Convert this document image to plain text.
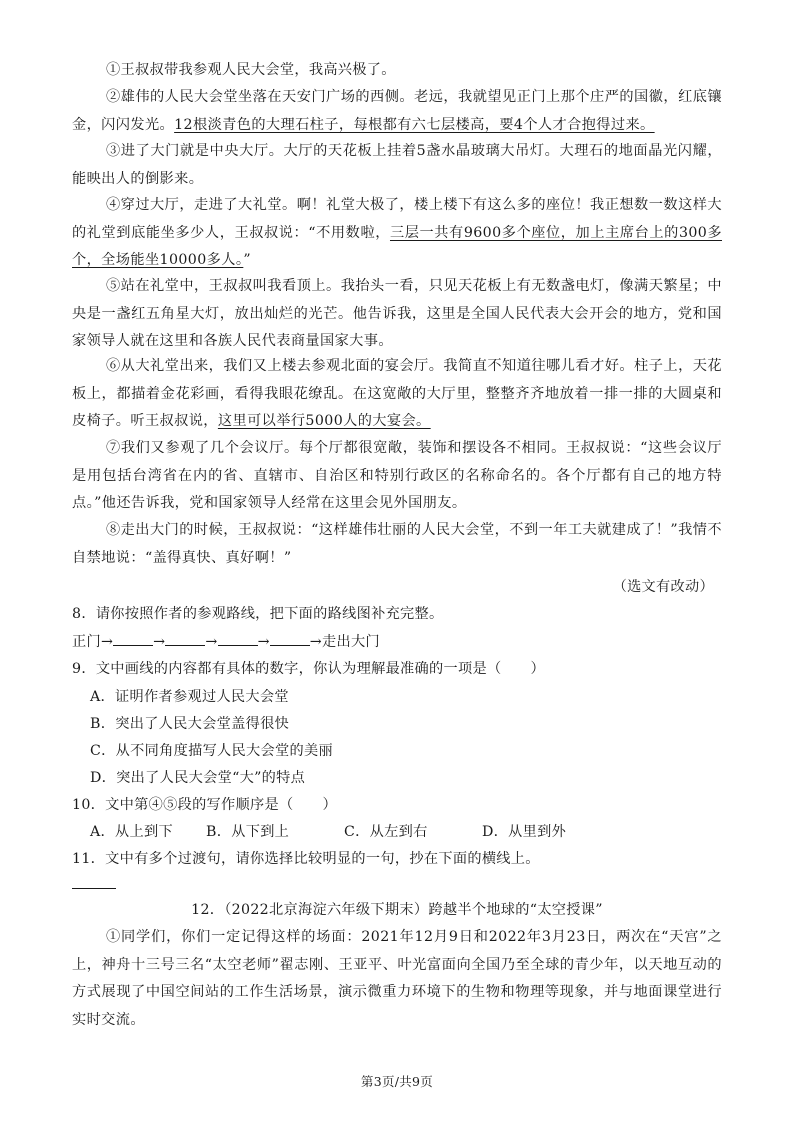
①王叔叔带我参观人民大会堂，我高兴极了。

②雄伟的人民大会堂坐落在天安门广场的西侧。老远，我就望见正门上那个庄严的国徽，红底镶金，闪闪发光。12根淡青色的大理石柱子，每根都有六七层楼高，要4个人才合抱得过来。

③进了大门就是中央大厅。大厅的天花板上挂着5盏水晶玻璃大吊灯。大理石的地面晶光闪耀，能映出人的倒影来。

④穿过大厅，走进了大礼堂。啊！礼堂大极了，楼上楼下有这么多的座位！我正想数一数这样大的礼堂到底能坐多少人，王叔叔说：“不用数啦，三层一共有9600多个座位，加上主席台上的300多个，全场能坐10000多人。”

⑤站在礼堂中，王叔叔叫我看顶上。我抬头一看，只见天花板上有无数盏电灯，像满天繁星；中央是一盏红五角星大灯，放出灿烂的光芒。他告诉我，这里是全国人民代表大会开会的地方，党和国家领导人就在这里和各族人民代表商量国家大事。

⑥从大礼堂出来，我们又上楼去参观北面的宴会厅。我简直不知道往哪儿看才好。柱子上，天花板上，都描着金花彩画，看得我眼花缭乱。在这宽敞的大厅里，整整齐齐地放着一排一排的大圆桌和皮椅子。听王叔叔说，这里可以举行5000人的大宴会。

⑦我们又参观了几个会议厅。每个厅都很宽敞，装饰和摆设各不相同。王叔叔说：“这些会议厅是用包括台湾省在内的省、直辖市、自治区和特别行政区的名称命名的。各个厅都有自己的地方特点。”他还告诉我，党和国家领导人经常在这里会见外国朋友。

⑧走出大门的时候，王叔叔说：“这样雄伟壮丽的人民大会堂，不到一年工夫就建成了！”我情不自禁地说：“盖得真快、真好啊！”

（选文有改动）

8．请你按照作者的参观路线，把下面的路线图补充完整。

正门→	→	→	→	→走出大门

9．文中画线的内容都有具体的数字，你认为理解最准确的一项是（　　）

A．证明作者参观过人民大会堂

B．突出了人民大会堂盖得很快

C．从不同角度描写人民大会堂的美丽

D．突出了人民大会堂“大”的特点

10．文中第④⑤段的写作顺序是（　　）

A．从上到下 B．从下到上	C．从左到右	D．从里到外

11．文中有多个过渡句，请你选择比较明显的一句，抄在下面的横线上。

12．（2022北京海淀六年级下期末）跨越半个地球的“太空授课”

①同学们，你们一定记得这样的场面：2021年12月9日和2022年3月23日，两次在“天宫”之上，神舟十三号三名“太空老师”翟志刚、王亚平、叶光富面向全国乃至全球的青少年，以天地互动的方式展现了中国空间站的工作生活场景，演示微重力环境下的生物和物理等现象，并与地面课堂进行实时交流。

第3页/共9页
